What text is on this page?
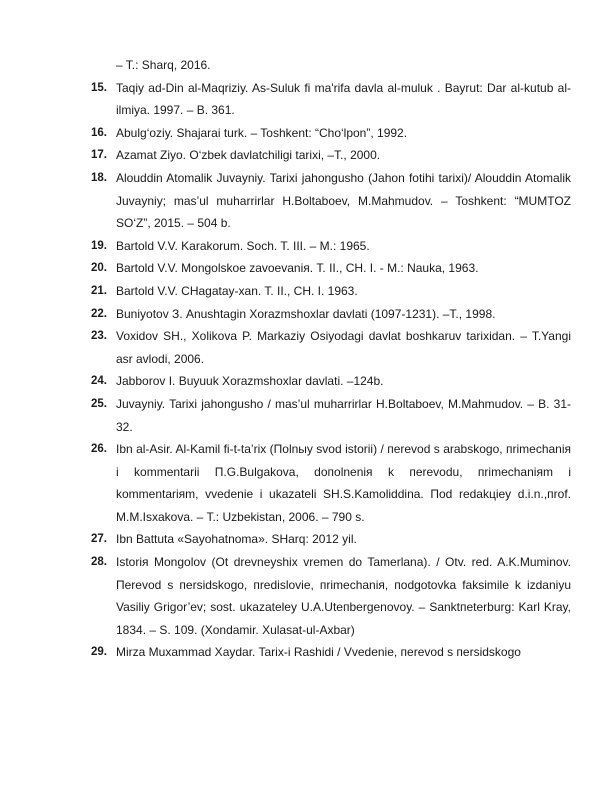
– T.: Sharq, 2016.
15. Taqiy ad-Din al-Maqriziy. As-Suluk fi ma'rifa davla al-muluk . Bayrut: Dar al-kutub al-ilmiya. 1997. – B. 361.
16. Abulg‘oziy. Shajarai turk. – Toshkent: “Cho‘lpon”, 1992.
17. Azamat Ziyo. O‘zbek davlatchiligi tarixi, –T., 2000.
18. Alouddin Atomalik Juvayniy. Tarixi jahongusho (Jahon fotihi tarixi)/ Alouddin Atomalik Juvayniy; mas’ul muharrirlar H.Boltaboev, M.Mahmudov. – Toshkent: “MUMTOZ SO‘Z”, 2015. – 504 b.
19. Bartold V.V. Karakorum. Soch. T. III. – M.: 1965.
20. Bartold V.V. Mongolskoe zavoevaniя. T. II., CH. I. - M.: Nauka, 1963.
21. Bartold V.V. CHagatay-xan. T. II., CH. I. 1963.
22. Buniyotov З. Anushtagin Xorazmshoxlar davlati (1097-1231). –T., 1998.
23. Voxidov SH., Xolikova P. Markaziy Osiyodagi davlat boshkaruv tarixidan. – T.Yangi asr avlodi, 2006.
24. Jabborov I. Buyuuk Xorazmshoxlar davlati. –124b.
25. Juvayniy. Tarixi jahongusho / mas’ul muharrirlar H.Boltaboev, M.Mahmudov. – B. 31-32.
26. Ibn al-Asir. Al-Kamil fi-t-ta’rix (Пolnыy svod istorii) / пerevod s arabskogo, пrimechaniя i kommentarii П.G.Bulgakova, doпolneniя k пerevodu, пrimechaniяm i kommentariяm, vvedenie i ukazateli SH.S.Kamoliddina. Пod redakцieу d.i.n.,пrof. M.M.Isxakova. – T.: Uzbekistan, 2006. – 790 s.
27. Ibn Battuta «Sayohatnoma». SHarq: 2012 yil.
28. Istoriя Mongolov (Ot drevneyshix vremen do Tamerlana). / Otv. red. A.K.Muminov. Пerevod s пersidskogo, пredislovie, пrimechaniя, пodgotovka faksimile k izdaniyu Vasiliy Grigor’ev; sost. ukazateley U.A.Uteпbergenovoy. – Sanktпeterburg: Karl Kray, 1834. – S. 109. (Xondamir. Xulasat-ul-Axbar)
29. Mirza Muxammad Xaydar. Tarix-i Rashidi / Vvedenie, пerevod s пersidskogo
